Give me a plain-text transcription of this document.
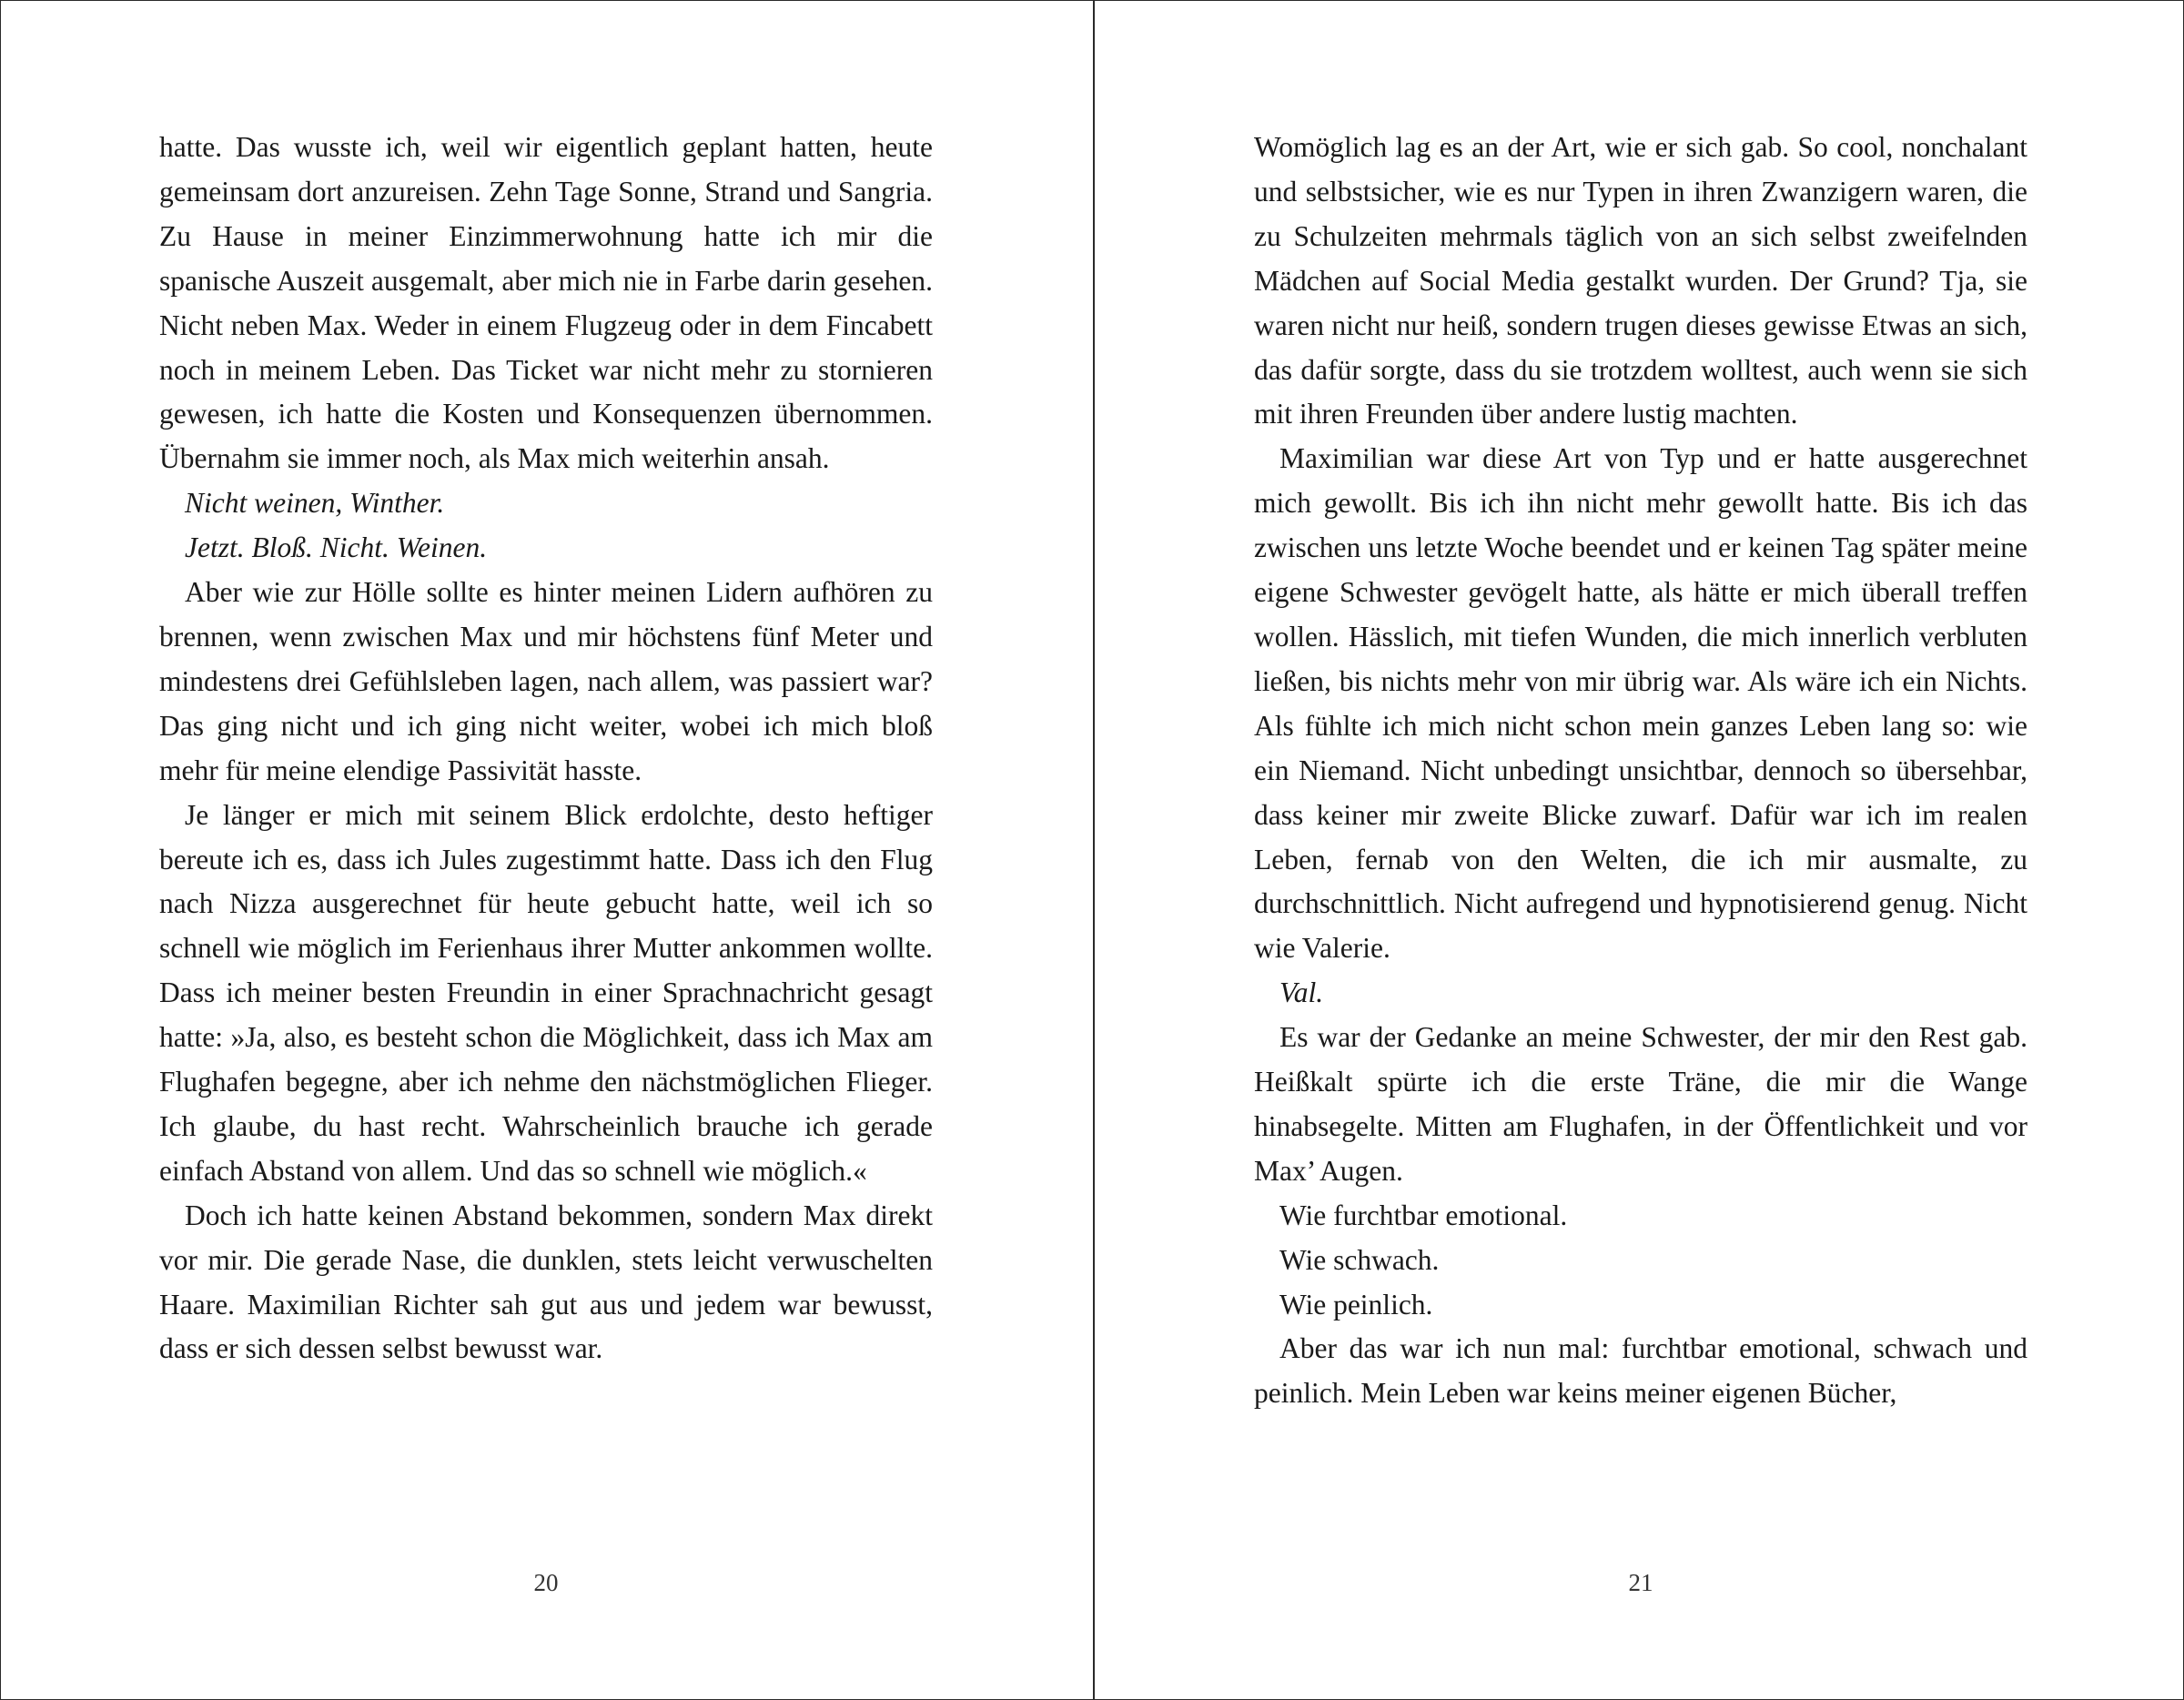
hatte. Das wusste ich, weil wir eigentlich geplant hatten, heute gemeinsam dort anzureisen. Zehn Tage Sonne, Strand und Sangria. Zu Hause in meiner Einzimmerwohnung hatte ich mir die spanische Auszeit ausgemalt, aber mich nie in Farbe darin gesehen. Nicht neben Max. Weder in einem Flugzeug oder in dem Fincabett noch in meinem Leben. Das Ticket war nicht mehr zu stornieren gewesen, ich hatte die Kosten und Konsequenzen übernommen. Übernahm sie immer noch, als Max mich weiterhin ansah.

Nicht weinen, Winther.

Jetzt. Bloß. Nicht. Weinen.

Aber wie zur Hölle sollte es hinter meinen Lidern aufhören zu brennen, wenn zwischen Max und mir höchstens fünf Meter und mindestens drei Gefühlsleben lagen, nach allem, was passiert war? Das ging nicht und ich ging nicht weiter, wobei ich mich bloß mehr für meine elendige Passivität hasste.

Je länger er mich mit seinem Blick erdolchte, desto heftiger bereute ich es, dass ich Jules zugestimmt hatte. Dass ich den Flug nach Nizza ausgerechnet für heute gebucht hatte, weil ich so schnell wie möglich im Ferienhaus ihrer Mutter ankommen wollte. Dass ich meiner besten Freundin in einer Sprachnachricht gesagt hatte: »Ja, also, es besteht schon die Möglichkeit, dass ich Max am Flughafen begegne, aber ich nehme den nächstmöglichen Flieger. Ich glaube, du hast recht. Wahrscheinlich brauche ich gerade einfach Abstand von allem. Und das so schnell wie möglich.«

Doch ich hatte keinen Abstand bekommen, sondern Max direkt vor mir. Die gerade Nase, die dunklen, stets leicht verwuschelten Haare. Maximilian Richter sah gut aus und jedem war bewusst, dass er sich dessen selbst bewusst war.

20

Womöglich lag es an der Art, wie er sich gab. So cool, nonchalant und selbstsicher, wie es nur Typen in ihren Zwanzigern waren, die zu Schulzeiten mehrmals täglich von an sich selbst zweifelnden Mädchen auf Social Media gestalkt wurden. Der Grund? Tja, sie waren nicht nur heiß, sondern trugen dieses gewisse Etwas an sich, das dafür sorgte, dass du sie trotzdem wolltest, auch wenn sie sich mit ihren Freunden über andere lustig machten.

Maximilian war diese Art von Typ und er hatte ausgerechnet mich gewollt. Bis ich ihn nicht mehr gewollt hatte. Bis ich das zwischen uns letzte Woche beendet und er keinen Tag später meine eigene Schwester gevögelt hatte, als hätte er mich überall treffen wollen. Hässlich, mit tiefen Wunden, die mich innerlich verbluten ließen, bis nichts mehr von mir übrig war. Als wäre ich ein Nichts. Als fühlte ich mich nicht schon mein ganzes Leben lang so: wie ein Niemand. Nicht unbedingt unsichtbar, dennoch so übersehbar, dass keiner mir zweite Blicke zuwarf. Dafür war ich im realen Leben, fernab von den Welten, die ich mir ausmalte, zu durchschnittlich. Nicht aufregend und hypnotisierend genug. Nicht wie Valerie.

Val.

Es war der Gedanke an meine Schwester, der mir den Rest gab. Heißkalt spürte ich die erste Träne, die mir die Wange hinabsegelte. Mitten am Flughafen, in der Öffentlichkeit und vor Max’ Augen.

Wie furchtbar emotional.

Wie schwach.

Wie peinlich.

Aber das war ich nun mal: furchtbar emotional, schwach und peinlich. Mein Leben war keins meiner eigenen Bücher,

21
